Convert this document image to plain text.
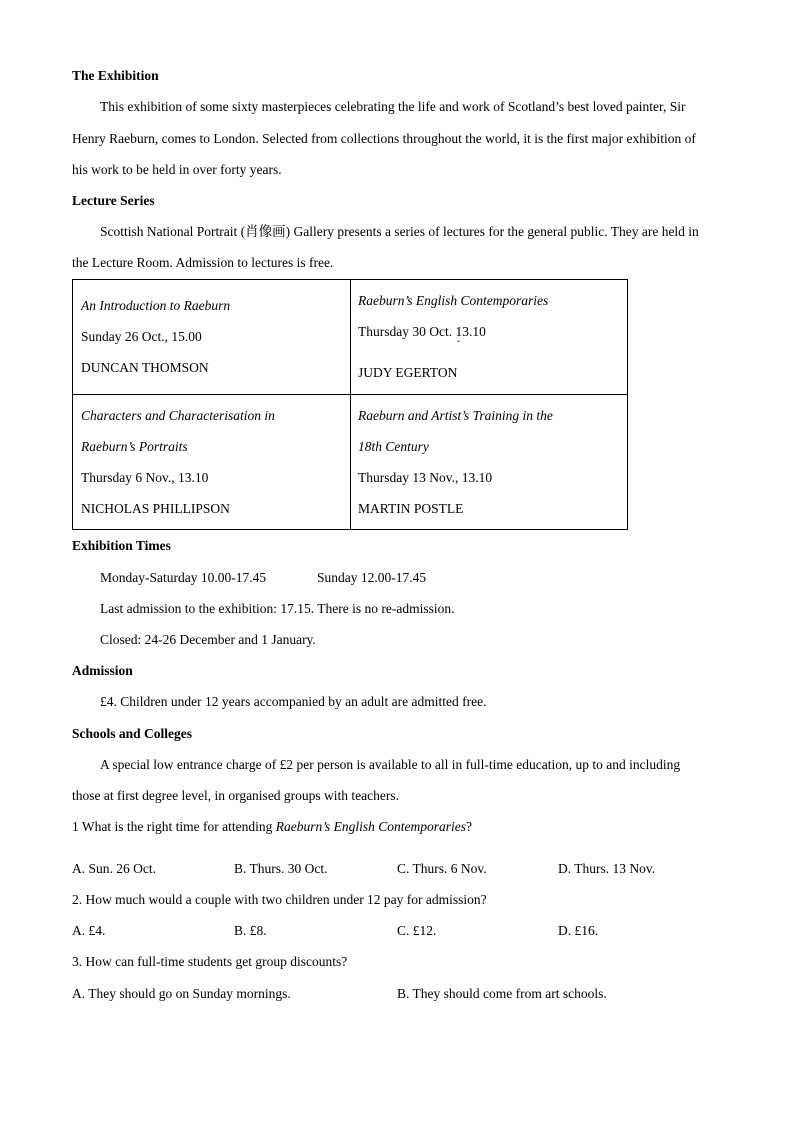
The Exhibition
This exhibition of some sixty masterpieces celebrating the life and work of Scotland’s best loved painter, Sir
Henry Raeburn, comes to London. Selected from collections throughout the world, it is the first major exhibition of
his work to be held in over forty years.
Lecture Series
Scottish National Portrait (肖像画) Gallery presents a series of lectures for the general public. They are held in
the Lecture Room. Admission to lectures is free.
An Introduction to Raeburn
Sunday 26 Oct., 15.00
DUNCAN THOMSON
Raeburn’s English Contemporaries
Thursday 30 Oct. 13.10
JUDY EGERTON
Characters and Characterisation in
Raeburn’s Portraits
Thursday 6 Nov., 13.10
NICHOLAS PHILLIPSON
Raeburn and Artist’s Training in the
18th Century
Thursday 13 Nov., 13.10
MARTIN POSTLE
ˇ
Exhibition Times
Monday-Saturday 10.00-17.45	Sunday 12.00-17.45
Last admission to the exhibition: 17.15. There is no re-admission.
Closed: 24-26 December and 1 January.
Admission
£4. Children under 12 years accompanied by an adult are admitted free.
Schools and Colleges
A special low entrance charge of £2 per person is available to all in full-time education, up to and including
those at first degree level, in organised groups with teachers.
1 What is the right time for attending Raeburn’s English Contemporaries?
A. Sun. 26 Oct.	B. Thurs. 30 Oct.	C. Thurs. 6 Nov.	D. Thurs. 13 Nov.
2. How much would a couple with two children under 12 pay for admission?
A. £4.	B. £8.	C. £12.	D. £16.
3. How can full-time students get group discounts?
A. They should go on Sunday mornings.	B. They should come from art schools.
